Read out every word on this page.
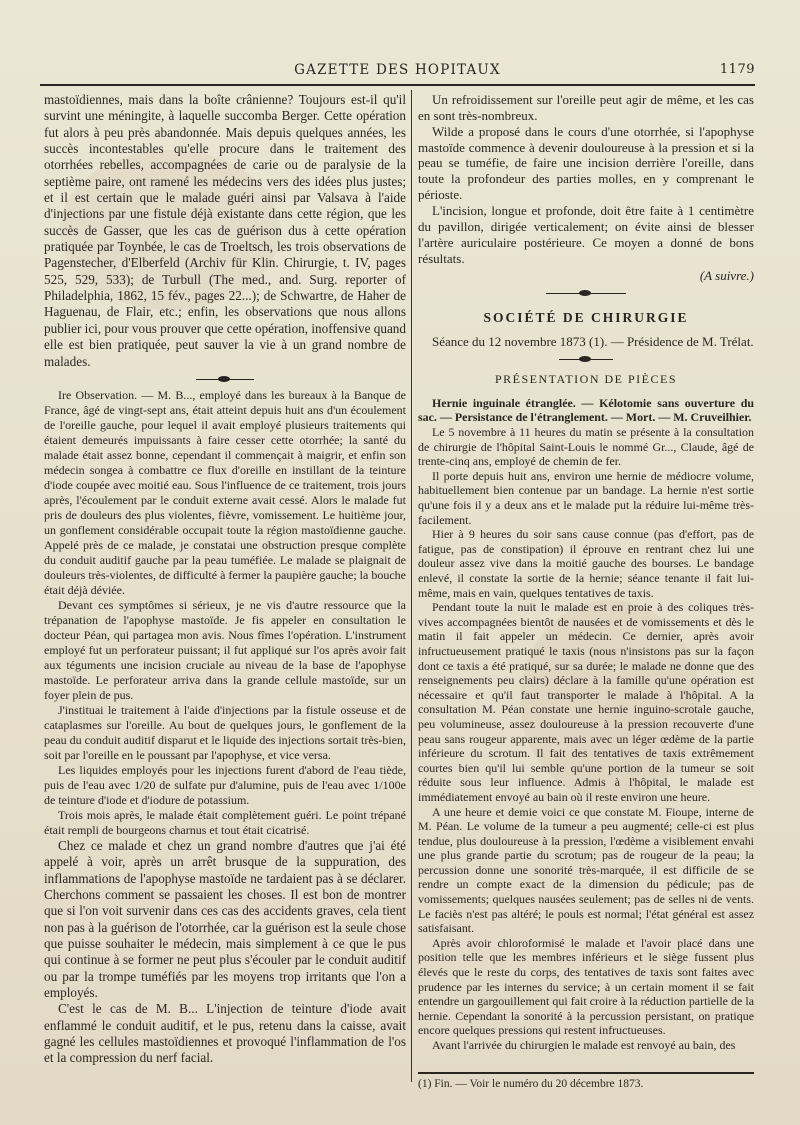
GAZETTE DES HOPITAUX	1179

mastoïdiennes, mais dans la boîte crânienne? Toujours est-il qu'il survint une méningite, à laquelle succomba Berger. Cette opération fut alors à peu près abandonnée. Mais depuis quelques années, les succès incontestables qu'elle procure dans le traitement des otorrhées rebelles, accompagnées de carie ou de paralysie de la septième paire, ont ramené les médecins vers des idées plus justes; et il est certain que le malade guéri ainsi par Valsava à l'aide d'injections par une fistule déjà existante dans cette région, que les succès de Gasser, que les cas de guérison dus à cette opération pratiquée par Toynbée, le cas de Troeltsch, les trois observations de Pagenstecher, d'Elberfeld (Archiv für Klin. Chirurgie, t. IV, pages 525, 529, 533); de Turbull (The med., and. Surg. reporter of Philadelphia, 1862, 15 fév., pages 22...); de Schwartre, de Haher de Haguenau, de Flair, etc.; enfin, les observations que nous allons publier ici, pour vous prouver que cette opération, inoffensive quand elle est bien pratiquée, peut sauver la vie à un grand nombre de malades.

Ire Observation. — M. B..., employé dans les bureaux à la Banque de France, âgé de vingt-sept ans, était atteint depuis huit ans d'un écoulement de l'oreille gauche, pour lequel il avait employé plusieurs traitements qui étaient demeurés impuissants à faire cesser cette otorrhée; la santé du malade était assez bonne, cependant il commençait à maigrir, et enfin son médecin songea à combattre ce flux d'oreille en instillant de la teinture d'iode coupée avec moitié eau. Sous l'influence de ce traitement, trois jours après, l'écoulement par le conduit externe avait cessé. Alors le malade fut pris de douleurs des plus violentes, fièvre, vomissement. Le huitième jour, un gonflement considérable occupait toute la région mastoïdienne gauche. Appelé près de ce malade, je constatai une obstruction presque complète du conduit auditif gauche par la peau tuméfiée. Le malade se plaignait de douleurs très-violentes, de difficulté à fermer la paupière gauche; la bouche était déjà déviée.

Devant ces symptômes si sérieux, je ne vis d'autre ressource que la trépanation de l'apophyse mastoïde. Je fis appeler en consultation le docteur Péan, qui partagea mon avis. Nous fîmes l'opération. L'instrument employé fut un perforateur puissant; il fut appliqué sur l'os après avoir fait aux téguments une incision cruciale au niveau de la base de l'apophyse mastoïde. Le perforateur arriva dans la grande cellule mastoïde, sur un foyer plein de pus.

J'instituai le traitement à l'aide d'injections par la fistule osseuse et de cataplasmes sur l'oreille. Au bout de quelques jours, le gonflement de la peau du conduit auditif disparut et le liquide des injections sortait très-bien, soit par l'oreille en le poussant par l'apophyse, et vice versa.

Les liquides employés pour les injections furent d'abord de l'eau tiède, puis de l'eau avec 1/20 de sulfate pur d'alumine, puis de l'eau avec 1/100e de teinture d'iode et d'iodure de potassium.

Trois mois après, le malade était complètement guéri. Le point trépané était rempli de bourgeons charnus et tout était cicatrisé.

Chez ce malade et chez un grand nombre d'autres que j'ai été appelé à voir, après un arrêt brusque de la suppuration, des inflammations de l'apophyse mastoïde ne tardaient pas à se déclarer. Cherchons comment se passaient les choses. Il est bon de montrer que si l'on voit survenir dans ces cas des accidents graves, cela tient non pas à la guérison de l'otorrhée, car la guérison est la seule chose que puisse souhaiter le médecin, mais simplement à ce que le pus qui continue à se former ne peut plus s'écouler par le conduit auditif ou par la trompe tuméfiés par les moyens trop irritants que l'on a employés.

C'est le cas de M. B... L'injection de teinture d'iode avait enflammé le conduit auditif, et le pus, retenu dans la caisse, avait gagné les cellules mastoïdiennes et provoqué l'inflammation de l'os et la compression du nerf facial.

Un refroidissement sur l'oreille peut agir de même, et les cas en sont très-nombreux.

Wilde a proposé dans le cours d'une otorrhée, si l'apophyse mastoïde commence à devenir douloureuse à la pression et si la peau se tuméfie, de faire une incision derrière l'oreille, dans toute la profondeur des parties molles, en y comprenant le périoste.

L'incision, longue et profonde, doit être faite à 1 centimètre du pavillon, dirigée verticalement; on évite ainsi de blesser l'artère auriculaire postérieure. Ce moyen a donné de bons résultats.

(A suivre.)
SOCIÉTÉ DE CHIRURGIE

Séance du 12 novembre 1873 (1). — Présidence de M. Trélat.

PRÉSENTATION DE PIÈCES

Hernie inguinale étranglée. — Kélotomie sans ouverture du sac. — Persistance de l'étranglement. — Mort. — M. Cruveilhier.

Le 5 novembre à 11 heures du matin se présente à la consultation de chirurgie de l'hôpital Saint-Louis le nommé Gr..., Claude, âgé de trente-cinq ans, employé de chemin de fer.

Il porte depuis huit ans, environ une hernie de médiocre volume, habituellement bien contenue par un bandage. La hernie n'est sortie qu'une fois il y a deux ans et le malade put la réduire lui-même très-facilement.

Hier à 9 heures du soir sans cause connue (pas d'effort, pas de fatigue, pas de constipation) il éprouve en rentrant chez lui une douleur assez vive dans la moitié gauche des bourses. Le bandage enlevé, il constate la sortie de la hernie; séance tenante il fait lui-même, mais en vain, quelques tentatives de taxis.

Pendant toute la nuit le malade est en proie à des coliques très-vives accompagnées bientôt de nausées et de vomissements et dès le matin il fait appeler un médecin. Ce dernier, après avoir infructueusement pratiqué le taxis (nous n'insistons pas sur la façon dont ce taxis a été pratiqué, sur sa durée; le malade ne donne que des renseignements peu clairs) déclare à la famille qu'une opération est nécessaire et qu'il faut transporter le malade à l'hôpital. A la consultation M. Péan constate une hernie inguino-scrotale gauche, peu volumineuse, assez douloureuse à la pression recouverte d'une peau sans rougeur apparente, mais avec un léger œdème de la partie inférieure du scrotum. Il fait des tentatives de taxis extrêmement courtes bien qu'il lui semble qu'une portion de la tumeur se soit réduite sous leur influence. Admis à l'hôpital, le malade est immédiatement envoyé au bain où il reste environ une heure.

A une heure et demie voici ce que constate M. Fioupe, interne de M. Péan. Le volume de la tumeur a peu augmenté; celle-ci est plus tendue, plus douloureuse à la pression, l'œdème a visiblement envahi une plus grande partie du scrotum; pas de rougeur de la peau; la percussion donne une sonorité très-marquée, il est difficile de se rendre un compte exact de la dimension du pédicule; pas de vomissements; quelques nausées seulement; pas de selles ni de vents. Le faciès n'est pas altéré; le pouls est normal; l'état général est assez satisfaisant.

Après avoir chloroformisé le malade et l'avoir placé dans une position telle que les membres inférieurs et le siège fussent plus élevés que le reste du corps, des tentatives de taxis sont faites avec prudence par les internes du service; à un certain moment il se fait entendre un gargouillement qui fait croire à la réduction partielle de la hernie. Cependant la sonorité à la percussion persistant, on pratique encore quelques pressions qui restent infructueuses.

Avant l'arrivée du chirurgien le malade est renvoyé au bain, des

(1) Fin. — Voir le numéro du 20 décembre 1873.
